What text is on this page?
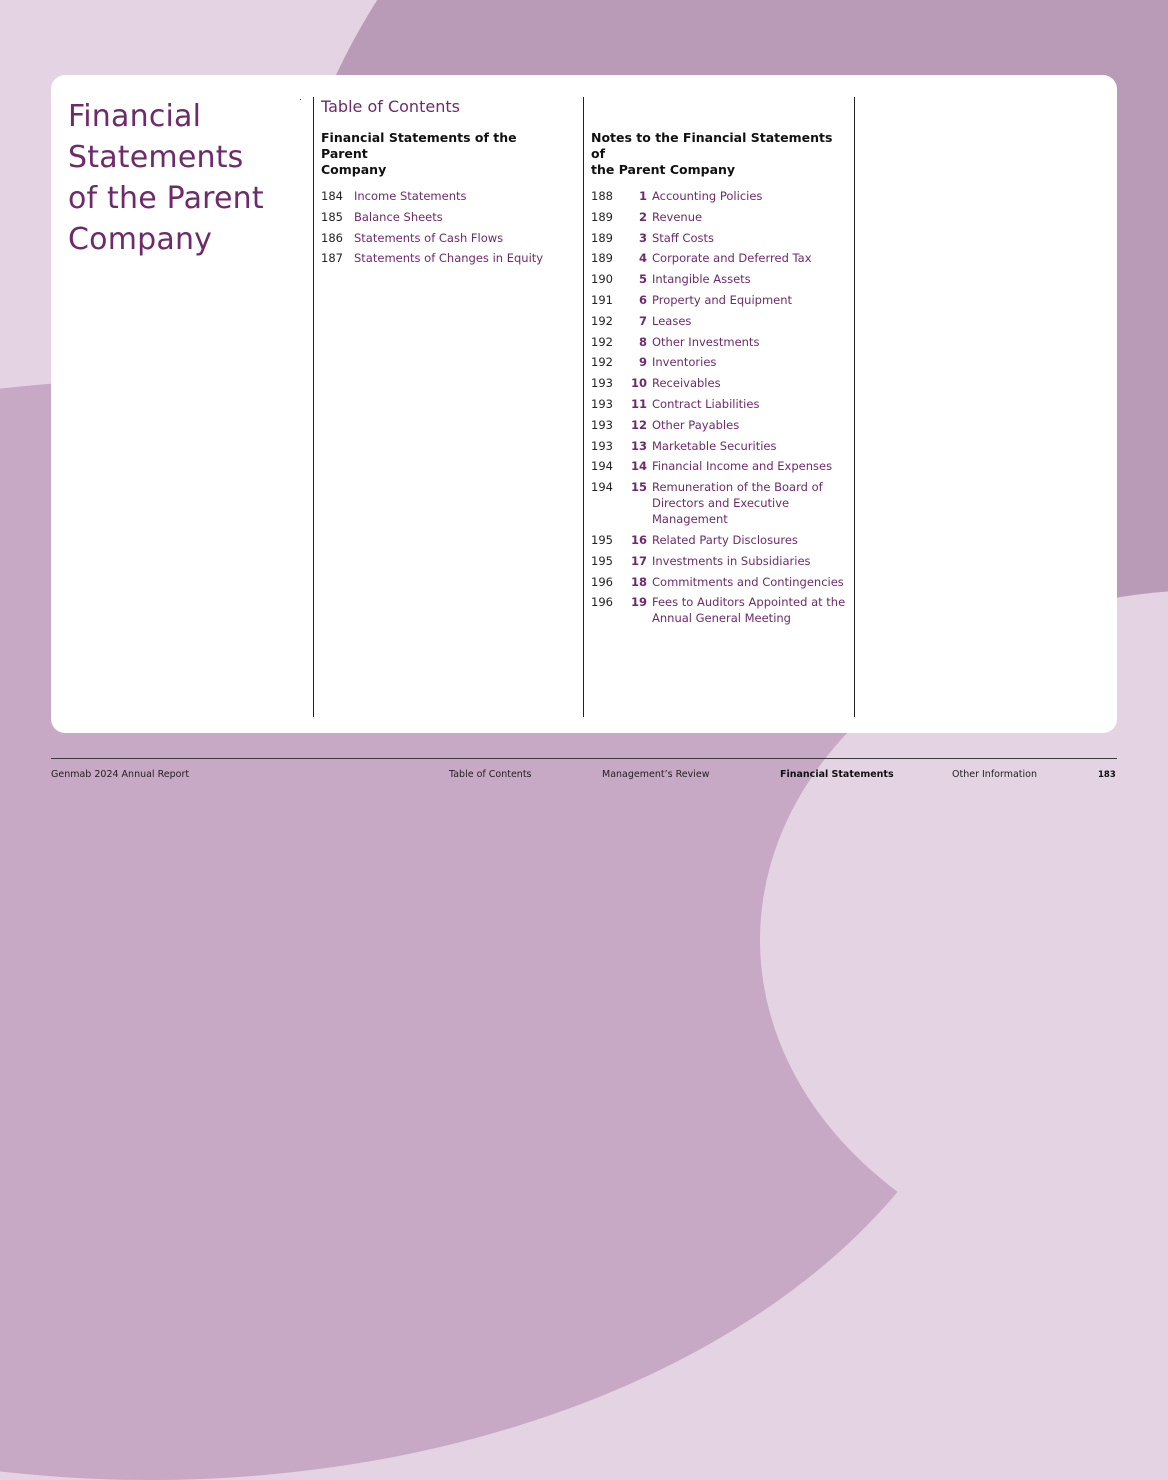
Financial
Statements
of the Parent
Company
Table of Contents
Financial Statements of the Parent
Company
184 Income Statements
185 Balance Sheets
186 Statements of Cash Flows
187 Statements of Changes in Equity
Notes to the Financial Statements of
the Parent Company
188	1 Accounting Policies
189	2 Revenue
189	3 Staff Costs
189	4 Corporate and Deferred Tax
190	5 Intangible Assets
191	6 Property and Equipment
192	7 Leases
192	8 Other Investments
192	9 Inventories
193	10 Receivables
193	11 Contract Liabilities
193	12 Other Payables
193	13 Marketable Securities
194	14 Financial Income and Expenses
194	15 Remuneration of the Board of Directors and Executive Management
195	16 Related Party Disclosures
195	17 Investments in Subsidiaries
196	18 Commitments and Contingencies
196	19 Fees to Auditors Appointed at the Annual General Meeting
Genmab 2024 Annual Report	Table of Contents	Management’s Review	Financial Statements	Other Information	183
